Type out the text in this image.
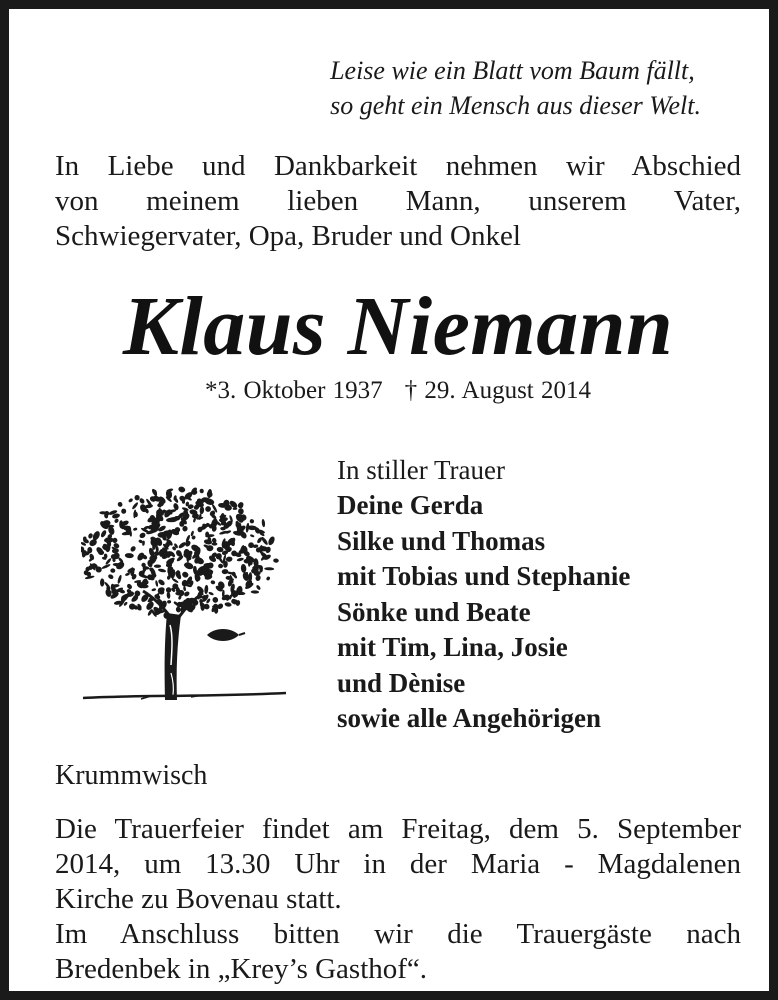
Leise wie ein Blatt vom Baum fällt,
so geht ein Mensch aus dieser Welt.
In Liebe und Dankbarkeit nehmen wir Abschied
von meinem lieben Mann, unserem Vater,
Schwiegervater, Opa, Bruder und Onkel
Klaus Niemann
*3. Oktober 1937 † 29. August 2014
In stiller Trauer
Deine Gerda
Silke und Thomas
mit Tobias und Stephanie
Sönke und Beate
mit Tim, Lina, Josie
und Dènise
sowie alle Angehörigen
Krummwisch
Die Trauerfeier findet am Freitag, dem 5. September
2014, um 13.30 Uhr in der Maria - Magdalenen
Kirche zu Bovenau statt.
Im Anschluss bitten wir die Trauergäste nach
Bredenbek in „Krey’s Gasthof“.
